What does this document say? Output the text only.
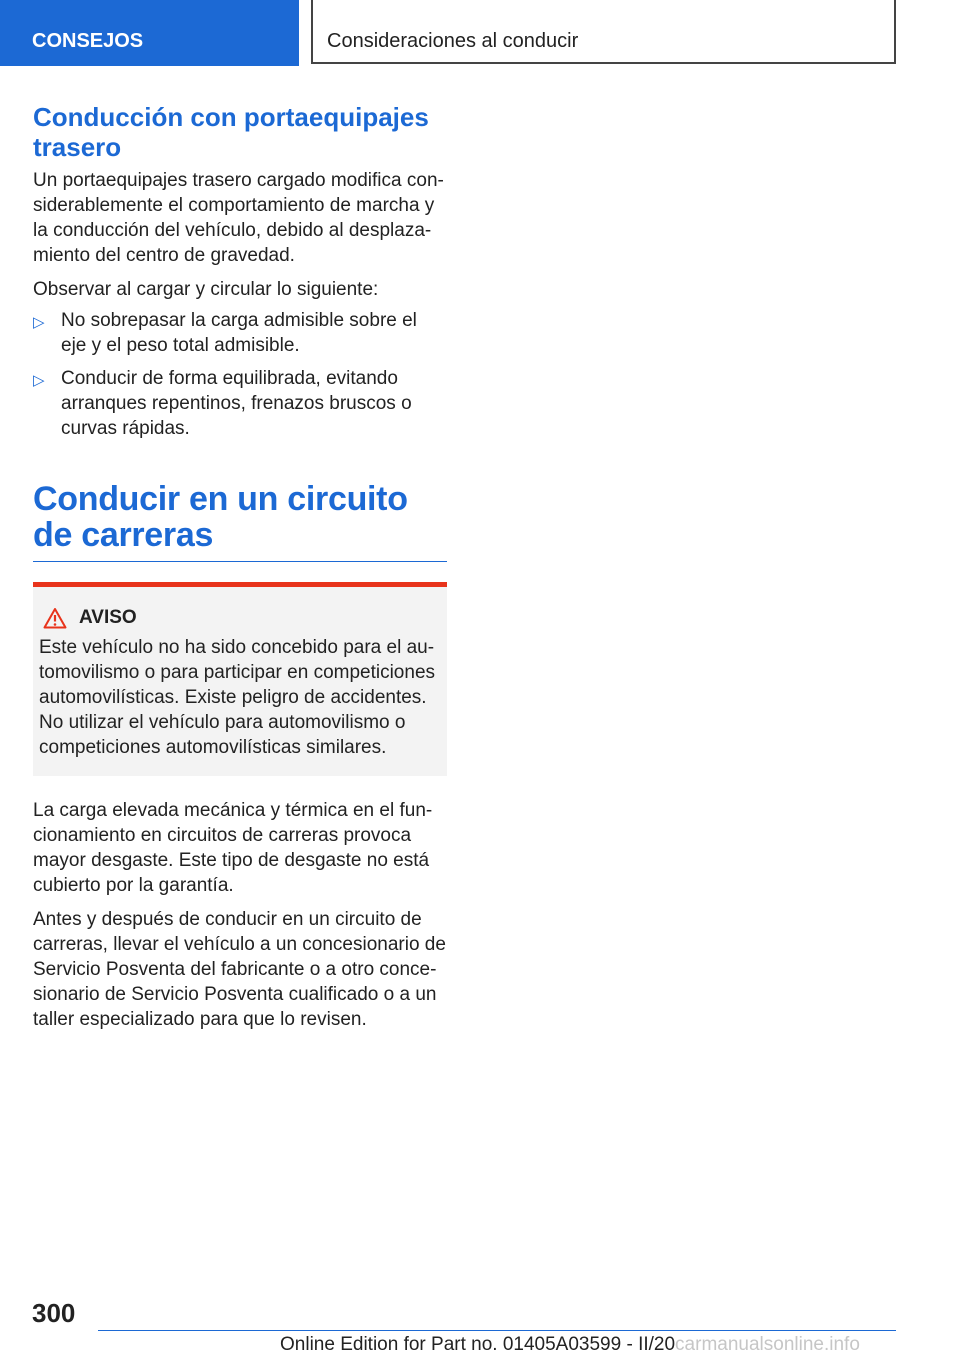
CONSEJOS	Consideraciones al conducir
Conducción con portaequipajes trasero

Un portaequipajes trasero cargado modifica considerablemente el comportamiento de marcha y la conducción del vehículo, debido al desplazamiento del centro de gravedad.

Observar al cargar y circular lo siguiente:

▷ No sobrepasar la carga admisible sobre el eje y el peso total admisible.
▷ Conducir de forma equilibrada, evitando arranques repentinos, frenazos bruscos o curvas rápidas.
Conducir en un circuito de carreras
AVISO

Este vehículo no ha sido concebido para el automovilismo o para participar en competiciones automovilísticas. Existe peligro de accidentes. No utilizar el vehículo para automovilismo o competiciones automovilísticas similares.

La carga elevada mecánica y térmica en el funcionamiento en circuitos de carreras provoca mayor desgaste. Este tipo de desgaste no está cubierto por la garantía.

Antes y después de conducir en un circuito de carreras, llevar el vehículo a un concesionario de Servicio Posventa del fabricante o a otro concesionario de Servicio Posventa cualificado o a un taller especializado para que lo revisen.

300
Online Edition for Part no. 01405A03599 - II/20carmanualsonline.info
